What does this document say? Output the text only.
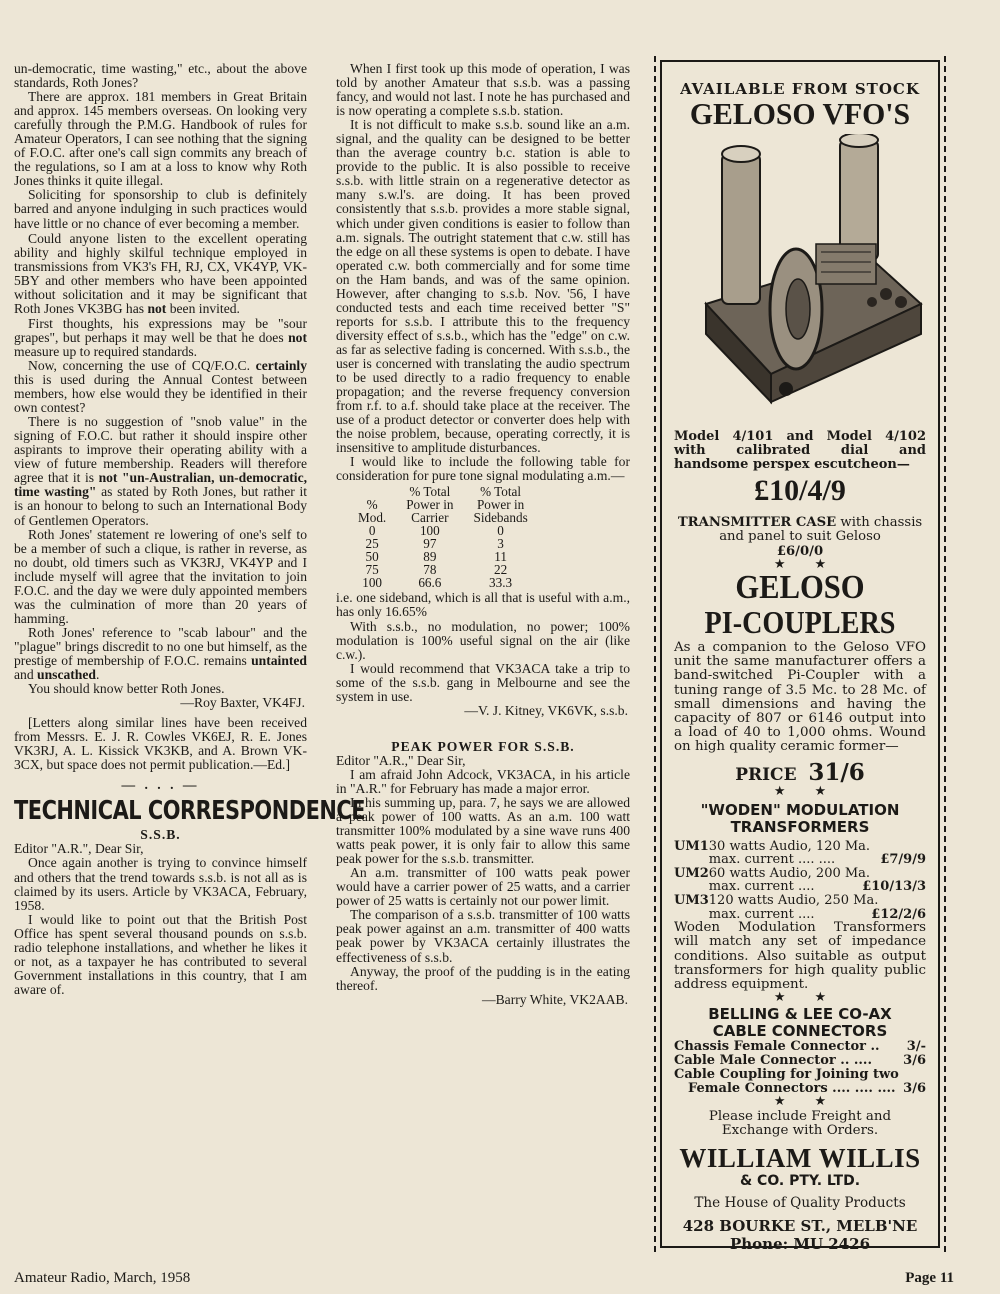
un-democratic, time wasting," etc., about the above standards, Roth Jones?

There are approx. 181 members in Great Britain and approx. 145 members overseas. On looking very carefully through the P.M.G. Handbook of rules for Amateur Operators, I can see nothing that the signing of F.O.C. after one's call sign commits any breach of the regulations, so I am at a loss to know why Roth Jones thinks it quite illegal.

Soliciting for sponsorship to club is definitely barred and anyone indulging in such practices would have little or no chance of ever becoming a member.

Could anyone listen to the excellent operating ability and highly skilful technique employed in transmissions from VK3's FH, RJ, CX, VK4YP, VK-5BY and other members who have been appointed without solicitation and it may be significant that Roth Jones VK3BG has not been invited.

First thoughts, his expressions may be "sour grapes", but perhaps it may well be that he does not measure up to required standards.

Now, concerning the use of CQ/F.O.C. certainly this is used during the Annual Contest between members, how else would they be identified in their own contest?

There is no suggestion of "snob value" in the signing of F.O.C. but rather it should inspire other aspirants to improve their operating ability with a view of future membership. Readers will therefore agree that it is not "un-Australian, un-democratic, time wasting" as stated by Roth Jones, but rather it is an honour to belong to such an International Body of Gentlemen Operators.

Roth Jones' statement re lowering of one's self to be a member of such a clique, is rather in reverse, as no doubt, old timers such as VK3RJ, VK4YP and I include myself will agree that the invitation to join F.O.C. and the day we were duly appointed members was the culmination of more than 20 years of hamming.

Roth Jones' reference to "scab labour" and the "plague" brings discredit to no one but himself, as the prestige of membership of F.O.C. remains untainted and unscathed.

You should know better Roth Jones.

—Roy Baxter, VK4FJ.

[Letters along similar lines have been received from Messrs. E. J. R. Cowles VK6EJ, R. E. Jones VK3RJ, A. L. Kissick VK3KB, and A. Brown VK-3CX, but space does not permit publication.—Ed.]

— . . . —

TECHNICAL CORRESPONDENCE

S.S.B.

Editor "A.R.", Dear Sir,

Once again another is trying to convince himself and others that the trend towards s.s.b. is not all as is claimed by its users. Article by VK3ACA, February, 1958.

I would like to point out that the British Post Office has spent several thousand pounds on s.s.b. radio telephone installations, and whether he likes it or not, as a taxpayer he has contributed to several Government installations in this country, that I am aware of.

When I first took up this mode of operation, I was told by another Amateur that s.s.b. was a passing fancy, and would not last. I note he has purchased and is now operating a complete s.s.b. station.

It is not difficult to make s.s.b. sound like an a.m. signal, and the quality can be designed to be better than the average country b.c. station is able to provide to the public. It is also possible to receive s.s.b. with little strain on a regenerative detector as many s.w.l's. are doing. It has been proved consistently that s.s.b. provides a more stable signal, which under given conditions is easier to follow than a.m. signals. The outright statement that c.w. still has the edge on all these systems is open to debate. I have operated c.w. both commercially and for some time on the Ham bands, and was of the same opinion. However, after changing to s.s.b. Nov. '56, I have conducted tests and each time received better "S" reports for s.s.b. I attribute this to the frequency diversity effect of s.s.b., which has the "edge" on c.w. as far as selective fading is concerned. With s.s.b., the user is concerned with translating the audio spectrum to be used directly to a radio frequency to enable propagation; and the reverse frequency conversion from r.f. to a.f. should take place at the receiver. The use of a product detector or converter does help with the noise problem, because, operating correctly, it is insensitive to amplitude disturbances.

I would like to include the following table for consideration for pure tone signal modulating a.m.—

	% Total	% Total
%	Power in	Power in
Mod.	Carrier	Sidebands
0	100	0
25	97	3
50	89	11
75	78	22
100	66.6	33.3

i.e. one sideband, which is all that is useful with a.m., has only 16.65%

With s.s.b., no modulation, no power; 100% modulation is 100% useful signal on the air (like c.w.).

I would recommend that VK3ACA take a trip to some of the s.s.b. gang in Melbourne and see the system in use.

—V. J. Kitney, VK6VK, s.s.b.

PEAK POWER FOR S.S.B.

Editor "A.R.," Dear Sir,

I am afraid John Adcock, VK3ACA, in his article in "A.R." for February has made a major error.

In his summing up, para. 7, he says we are allowed a peak power of 100 watts. As an a.m. 100 watt transmitter 100% modulated by a sine wave runs 400 watts peak power, it is only fair to allow this same peak power for the s.s.b. transmitter.

An a.m. transmitter of 100 watts peak power would have a carrier power of 25 watts, and a carrier power of 25 watts is certainly not our power limit.

The comparison of a s.s.b. transmitter of 100 watts peak power against an a.m. transmitter of 400 watts peak power by VK3ACA certainly illustrates the effectiveness of s.s.b.

Anyway, the proof of the pudding is in the eating thereof.

—Barry White, VK2AAB.

AVAILABLE FROM STOCK
GELOSO VFO'S
Model 4/101 and Model 4/102 with calibrated dial and handsome perspex escutcheon—
£10/4/9
TRANSMITTER CASE with chassis and panel to suit Geloso
£6/0/0
★ ★
GELOSO
PI-COUPLERS
As a companion to the Geloso VFO unit the same manufacturer offers a band-switched Pi-Coupler with a tuning range of 3.5 Mc. to 28 Mc. of small dimensions and having the capacity of 807 or 6146 output into a load of 40 to 1,000 ohms. Wound on high quality ceramic former—
PRICE 31/6
★ ★
"WODEN" MODULATION
TRANSFORMERS
UM1	30 watts Audio, 120 Ma.
max. current .... .... £7/9/9

UM2	60 watts Audio, 200 Ma.
max. current .... £10/13/3

UM3	120 watts Audio, 250 Ma.
max. current .... £12/2/6
Woden Modulation Transformers will match any set of impedance conditions. Also suitable as output transformers for high quality public address equipment.
★ ★
BELLING & LEE CO-AX
CABLE CONNECTORS
Chassis Female Connector .. 3/-
Cable Male Connector .. .... 3/6
Cable Coupling for Joining two
Female Connectors .... .... .... 3/6
★ ★
Please include Freight and Exchange with Orders.
WILLIAM WILLIS
& CO. PTY. LTD.
The House of Quality Products
428 BOURKE ST., MELB'NE
Phone: MU 2426
Amateur Radio, March, 1958	Page 11
